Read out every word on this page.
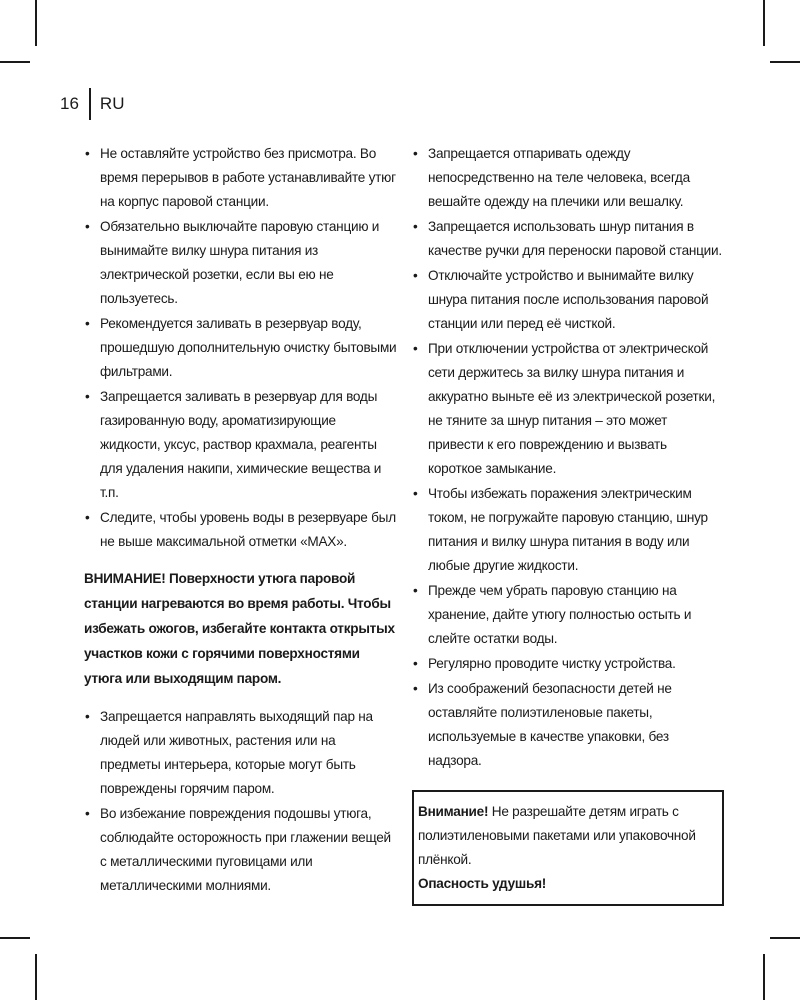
16 RU
• Не оставляйте устройство без присмотра. Во время перерывов в работе устанавливайте утюг на корпус паровой станции.
• Обязательно выключайте паровую станцию и вынимайте вилку шнура питания из электрической розетки, если вы ею не пользуетесь.
• Рекомендуется заливать в резервуар воду, прошедшую дополнительную очистку бытовыми фильтрами.
• Запрещается заливать в резервуар для воды газированную воду, ароматизирующие жидкости, уксус, раствор крахмала, реагенты для удаления накипи, химические вещества и т.п.
• Следите, чтобы уровень воды в резервуаре был не выше максимальной отметки «MAX».

ВНИМАНИЕ! Поверхности утюга паровой станции нагреваются во время работы. Чтобы избежать ожогов, избегайте контакта открытых участков кожи с горячими поверхностями утюга или выходящим паром.

• Запрещается направлять выходящий пар на людей или животных, растения или на предметы интерьера, которые могут быть повреждены горячим паром.
• Во избежание повреждения подошвы утюга, соблюдайте осторожность при глажении вещей с металлическими пуговицами или металлическими молниями.
• Запрещается отпаривать одежду непосредственно на теле человека, всегда вешайте одежду на плечики или вешалку.
• Запрещается использовать шнур питания в качестве ручки для переноски паровой станции.
• Отключайте устройство и вынимайте вилку шнура питания после использования паровой станции или перед её чисткой.
• При отключении устройства от электрической сети держитесь за вилку шнура питания и аккуратно выньте её из электрической розетки, не тяните за шнур питания – это может привести к его повреждению и вызвать короткое замыкание.
• Чтобы избежать поражения электрическим током, не погружайте паровую станцию, шнур питания и вилку шнура питания в воду или любые другие жидкости.
• Прежде чем убрать паровую станцию на хранение, дайте утюгу полностью остыть и слейте остатки воды.
• Регулярно проводите чистку устройства.
• Из соображений безопасности детей не оставляйте полиэтиленовые пакеты, используемые в качестве упаковки, без надзора.
Внимание! Не разрешайте детям играть с полиэтиленовыми пакетами или упаковочной плёнкой.
Опасность удушья!
